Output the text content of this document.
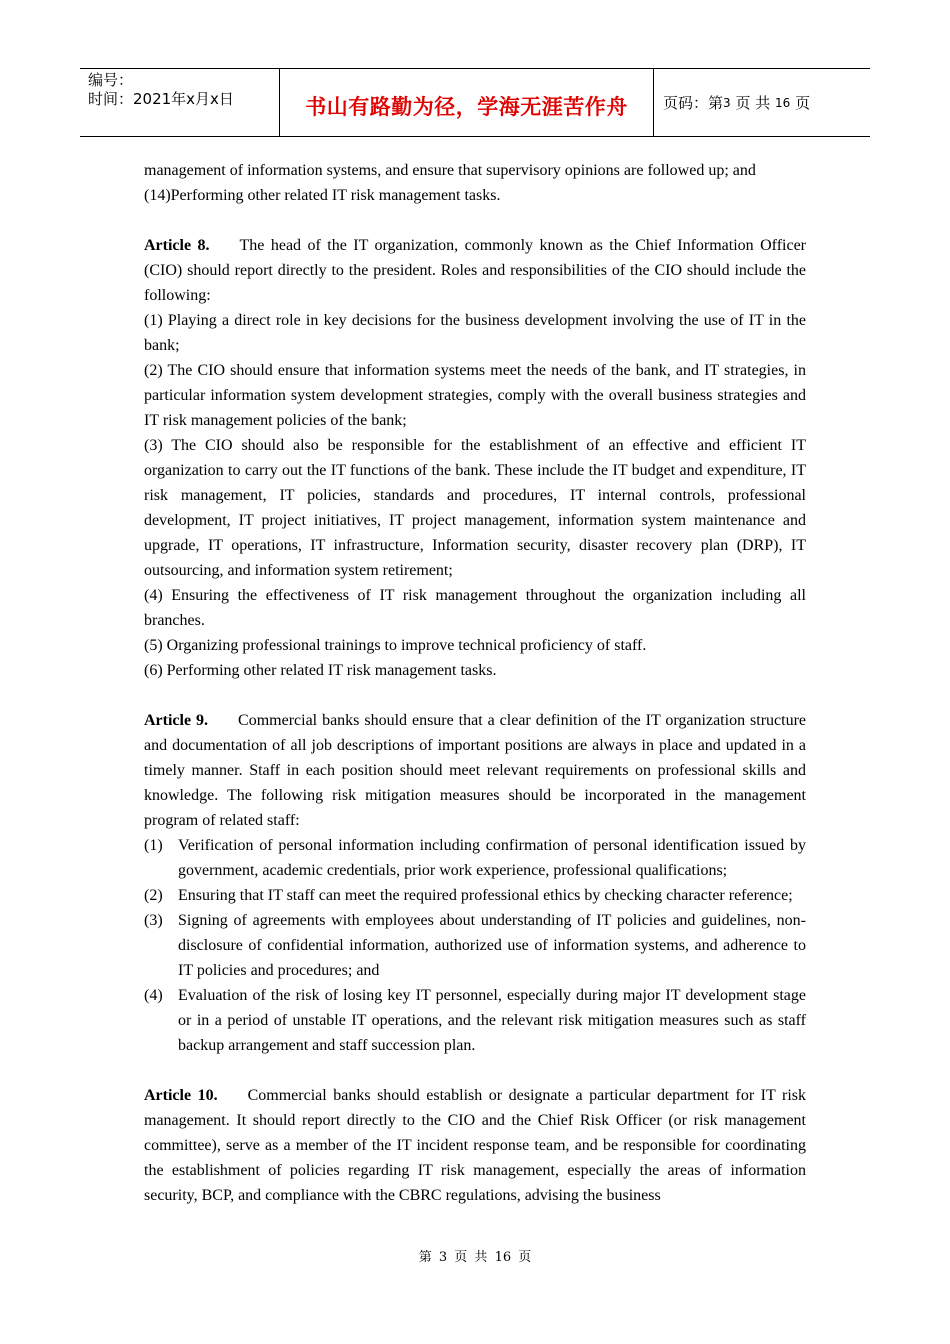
编号：
时间：2021年x月x日	书山有路勤为径，学海无涯苦作舟 页码：第 3
页 共
16
页

management of information systems, and ensure that supervisory opinions are followed up; and

(14)Performing other related IT risk management tasks.

Article 8. The head of the IT organization, commonly known as the Chief Information Officer (CIO) should report directly to the president. Roles and responsibilities of the CIO should include the following:

(1) Playing a direct role in key decisions for the business development involving the use of IT in the bank;

(2) The CIO should ensure that information systems meet the needs of the bank, and IT strategies, in particular information system development strategies, comply with the overall business strategies and IT risk management policies of the bank;

(3) The CIO should also be responsible for the establishment of an effective and efficient IT organization to carry out the IT functions of the bank. These include the IT budget and expenditure, IT risk management, IT policies, standards and procedures, IT internal controls, professional development, IT project initiatives, IT project management, information system maintenance and upgrade, IT operations, IT infrastructure, Information security, disaster recovery plan (DRP), IT outsourcing, and information system retirement;

(4) Ensuring the effectiveness of IT risk management throughout the organization including all branches.

(5) Organizing professional trainings to improve technical proficiency of staff.

(6) Performing other related IT risk management tasks.

Article 9. Commercial banks should ensure that a clear definition of the IT organization structure and documentation of all job descriptions of important positions are always in place and updated in a timely manner. Staff in each position should meet relevant requirements on professional skills and knowledge. The following risk mitigation measures should be incorporated in the management program of related staff:

(1) Verification of personal information including confirmation of personal identification issued by government, academic credentials, prior work experience, professional qualifications;
(2) Ensuring that IT staff can meet the required professional ethics by checking character reference;
(3) Signing of agreements with employees about understanding of IT policies and guidelines, non-disclosure of confidential information, authorized use of information systems, and adherence to IT policies and procedures; and
(4) Evaluation of the risk of losing key IT personnel, especially during major IT development stage or in a period of unstable IT operations, and the relevant risk mitigation measures such as staff backup arrangement and staff succession plan.

Article 10. Commercial banks should establish or designate a particular department for IT risk management. It should report directly to the CIO and the Chief Risk Officer (or risk management committee), serve as a member of the IT incident response team, and be responsible for coordinating the establishment of policies regarding IT risk management, especially the areas of information security, BCP, and compliance with the CBRC regulations, advising the business

第 3 页 共 16 页
